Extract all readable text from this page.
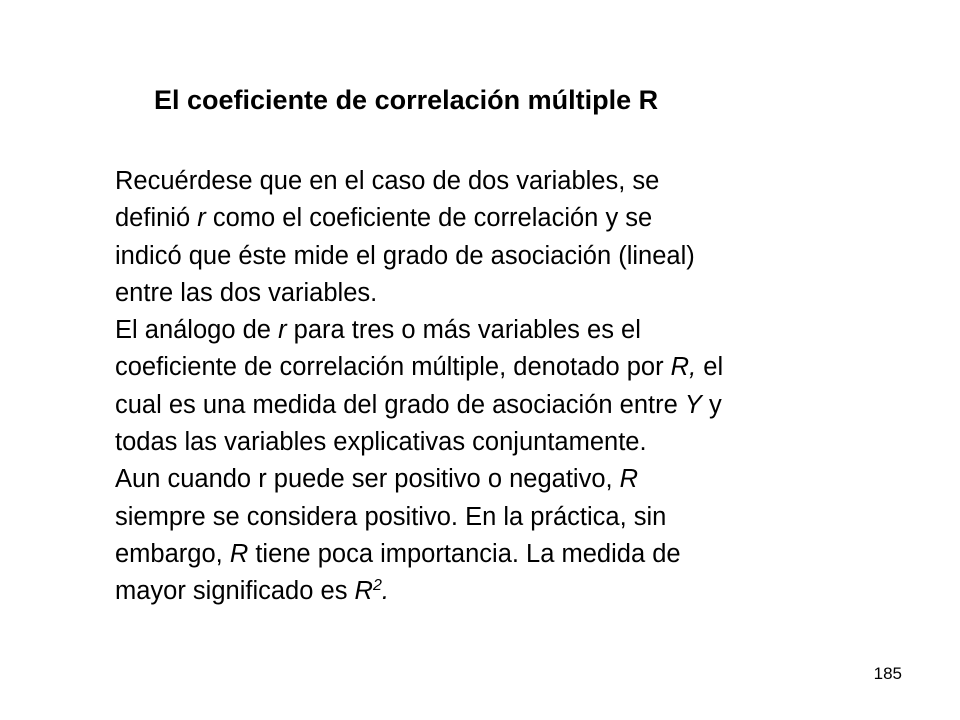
El coeficiente de correlación múltiple R
Recuérdese que en el caso de dos variables, se
definió r como el coeficiente de correlación y se
indicó que éste mide el grado de asociación (lineal)
entre las dos variables.
El análogo de r para tres o más variables es el
coeficiente de correlación múltiple, denotado por R, el
cual es una medida del grado de asociación entre Y y
todas las variables explicativas conjuntamente.
Aun cuando r puede ser positivo o negativo, R
siempre se considera positivo. En la práctica, sin
embargo, R tiene poca importancia. La medida de
mayor significado es $R^2$.
185
